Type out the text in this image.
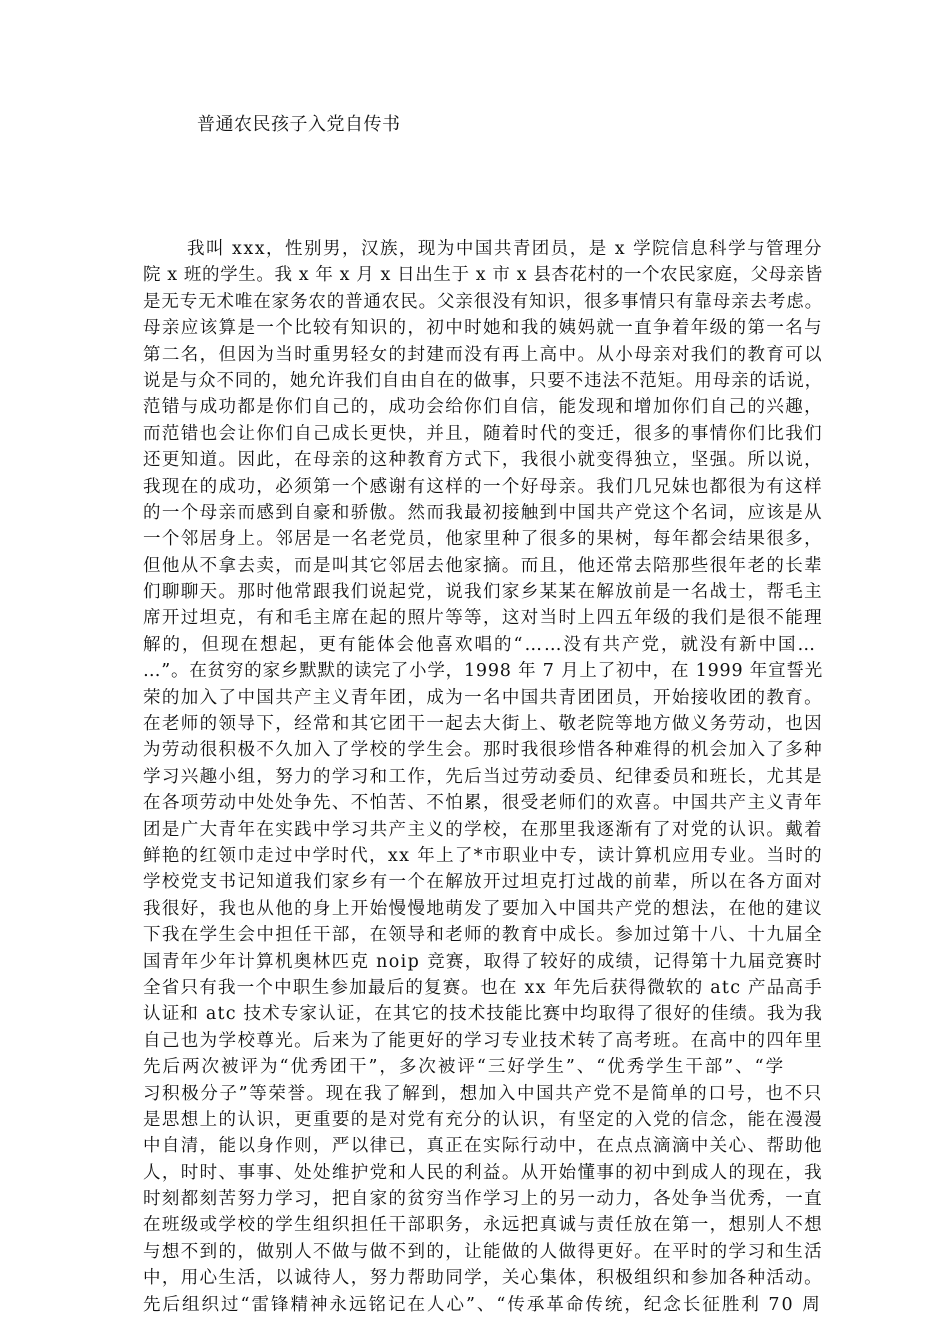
普通农民孩子入党自传书
我叫 xxx，性别男，汉族，现为中国共青团员，是 x 学院信息科学与管理分
院 x 班的学生。我 x 年 x 月 x 日出生于 x 市 x 县杏花村的一个农民家庭，父母亲皆
是无专无术唯在家务农的普通农民。父亲很没有知识，很多事情只有靠母亲去考虑。
母亲应该算是一个比较有知识的，初中时她和我的姨妈就一直争着年级的第一名与
第二名，但因为当时重男轻女的封建而没有再上高中。从小母亲对我们的教育可以
说是与众不同的，她允许我们自由自在的做事，只要不违法不范矩。用母亲的话说，
范错与成功都是你们自己的，成功会给你们自信，能发现和增加你们自己的兴趣，
而范错也会让你们自己成长更快，并且，随着时代的变迁，很多的事情你们比我们
还更知道。因此，在母亲的这种教育方式下，我很小就变得独立，坚强。所以说，
我现在的成功，必须第一个感谢有这样的一个好母亲。我们几兄妹也都很为有这样
的一个母亲而感到自豪和骄傲。然而我最初接触到中国共产党这个名词，应该是从
一个邻居身上。邻居是一名老党员，他家里种了很多的果树，每年都会结果很多，
但他从不拿去卖，而是叫其它邻居去他家摘。而且，他还常去陪那些很年老的长辈
们聊聊天。那时他常跟我们说起党，说我们家乡某某在解放前是一名战士，帮毛主
席开过坦克，有和毛主席在起的照片等等，这对当时上四五年级的我们是很不能理
解的，但现在想起，更有能体会他喜欢唱的“……没有共产党，就没有新中国…
…”。在贫穷的家乡默默的读完了小学，1998 年 7 月上了初中，在 1999 年宣誓光
荣的加入了中国共产主义青年团，成为一名中国共青团团员，开始接收团的教育。
在老师的领导下，经常和其它团干一起去大街上、敬老院等地方做义务劳动，也因
为劳动很积极不久加入了学校的学生会。那时我很珍惜各种难得的机会加入了多种
学习兴趣小组，努力的学习和工作，先后当过劳动委员、纪律委员和班长，尤其是
在各项劳动中处处争先、不怕苦、不怕累，很受老师们的欢喜。中国共产主义青年
团是广大青年在实践中学习共产主义的学校，在那里我逐渐有了对党的认识。戴着
鲜艳的红领巾走过中学时代，xx 年上了*市职业中专，读计算机应用专业。当时的
学校党支书记知道我们家乡有一个在解放开过坦克打过战的前辈，所以在各方面对
我很好，我也从他的身上开始慢慢地萌发了要加入中国共产党的想法，在他的建议
下我在学生会中担任干部，在领导和老师的教育中成长。参加过第十八、十九届全
国青年少年计算机奥林匹克 noip 竞赛，取得了较好的成绩，记得第十九届竞赛时
全省只有我一个中职生参加最后的复赛。也在 xx 年先后获得微软的 atc 产品高手
认证和 atc 技术专家认证，在其它的技术技能比赛中均取得了很好的佳绩。我为我
自己也为学校尊光。后来为了能更好的学习专业技术转了高考班。在高中的四年里
先后两次被评为“优秀团干”，多次被评“三好学生”、“优秀学生干部”、“学
习积极分子”等荣誉。现在我了解到，想加入中国共产党不是简单的口号，也不只
是思想上的认识，更重要的是对党有充分的认识，有坚定的入党的信念，能在漫漫
中自清，能以身作则，严以律已，真正在实际行动中，在点点滴滴中关心、帮助他
人，时时、事事、处处维护党和人民的利益。从开始懂事的初中到成人的现在，我
时刻都刻苦努力学习，把自家的贫穷当作学习上的另一动力，各处争当优秀，一直
在班级或学校的学生组织担任干部职务，永远把真诚与责任放在第一，想别人不想
与想不到的，做别人不做与做不到的，让能做的人做得更好。在平时的学习和生活
中，用心生活，以诚待人，努力帮助同学，关心集体，积极组织和参加各种活动。
先后组织过“雷锋精神永远铭记在人心”、“传承革命传统，纪念长征胜利 70 周
